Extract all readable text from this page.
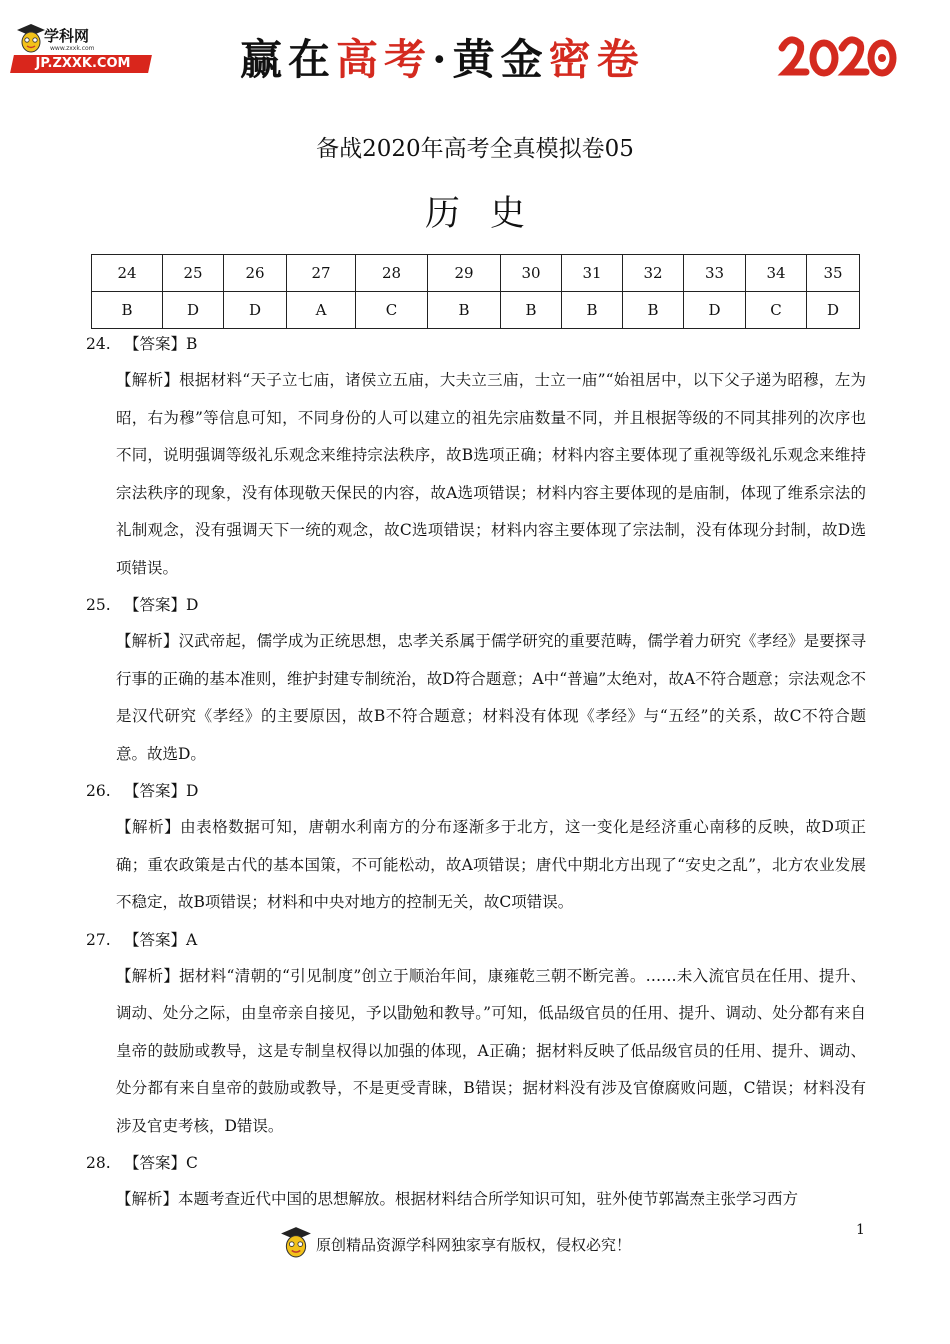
学科网
www.zxxk.com
JP.ZXXK.COM	赢在高考·黄金密卷
备战2020年高考全真模拟卷05
历史
24	25	26	27	28	29	30	31	32	33	34	35
B	D	D	A	C	B	B	B	B	D	C	D
24. 【答案】B
【解析】根据材料“天子立七庙，诸侯立五庙，大夫立三庙，士立一庙”“始祖居中，以下父子递为昭穆，左为昭，右为穆”等信息可知，不同身份的人可以建立的祖先宗庙数量不同，并且根据等级的不同其排列的次序也不同，说明强调等级礼乐观念来维持宗法秩序，故B选项正确；材料内容主要体现了重视等级礼乐观念来维持宗法秩序的现象，没有体现敬天保民的内容，故A选项错误；材料内容主要体现的是庙制，体现了维系宗法的礼制观念，没有强调天下一统的观念，故C选项错误；材料内容主要体现了宗法制，没有体现分封制，故D选项错误。
25. 【答案】D
【解析】汉武帝起，儒学成为正统思想，忠孝关系属于儒学研究的重要范畴，儒学着力研究《孝经》是要探寻行事的正确的基本准则，维护封建专制统治，故D符合题意；A中“普遍”太绝对，故A不符合题意；宗法观念不是汉代研究《孝经》的主要原因，故B不符合题意；材料没有体现《孝经》与“五经”的关系，故C不符合题意。故选D。
26. 【答案】D
【解析】由表格数据可知，唐朝水利南方的分布逐渐多于北方，这一变化是经济重心南移的反映，故D项正确；重农政策是古代的基本国策，不可能松动，故A项错误；唐代中期北方出现了“安史之乱”，北方农业发展不稳定，故B项错误；材料和中央对地方的控制无关，故C项错误。
27. 【答案】A
【解析】据材料“清朝的“引见制度”创立于顺治年间，康雍乾三朝不断完善。……未入流官员在任用、提升、调动、处分之际，由皇帝亲自接见，予以勖勉和教导。”可知，低品级官员的任用、提升、调动、处分都有来自皇帝的鼓励或教导，这是专制皇权得以加强的体现，A正确；据材料反映了低品级官员的任用、提升、调动、处分都有来自皇帝的鼓励或教导，不是更受青睐，B错误；据材料没有涉及官僚腐败问题，C错误；材料没有涉及官吏考核，D错误。
28. 【答案】C
【解析】本题考查近代中国的思想解放。根据材料结合所学知识可知，驻外使节郭嵩焘主张学习西方
原创精品资源学科网独家享有版权，侵权必究！
1
